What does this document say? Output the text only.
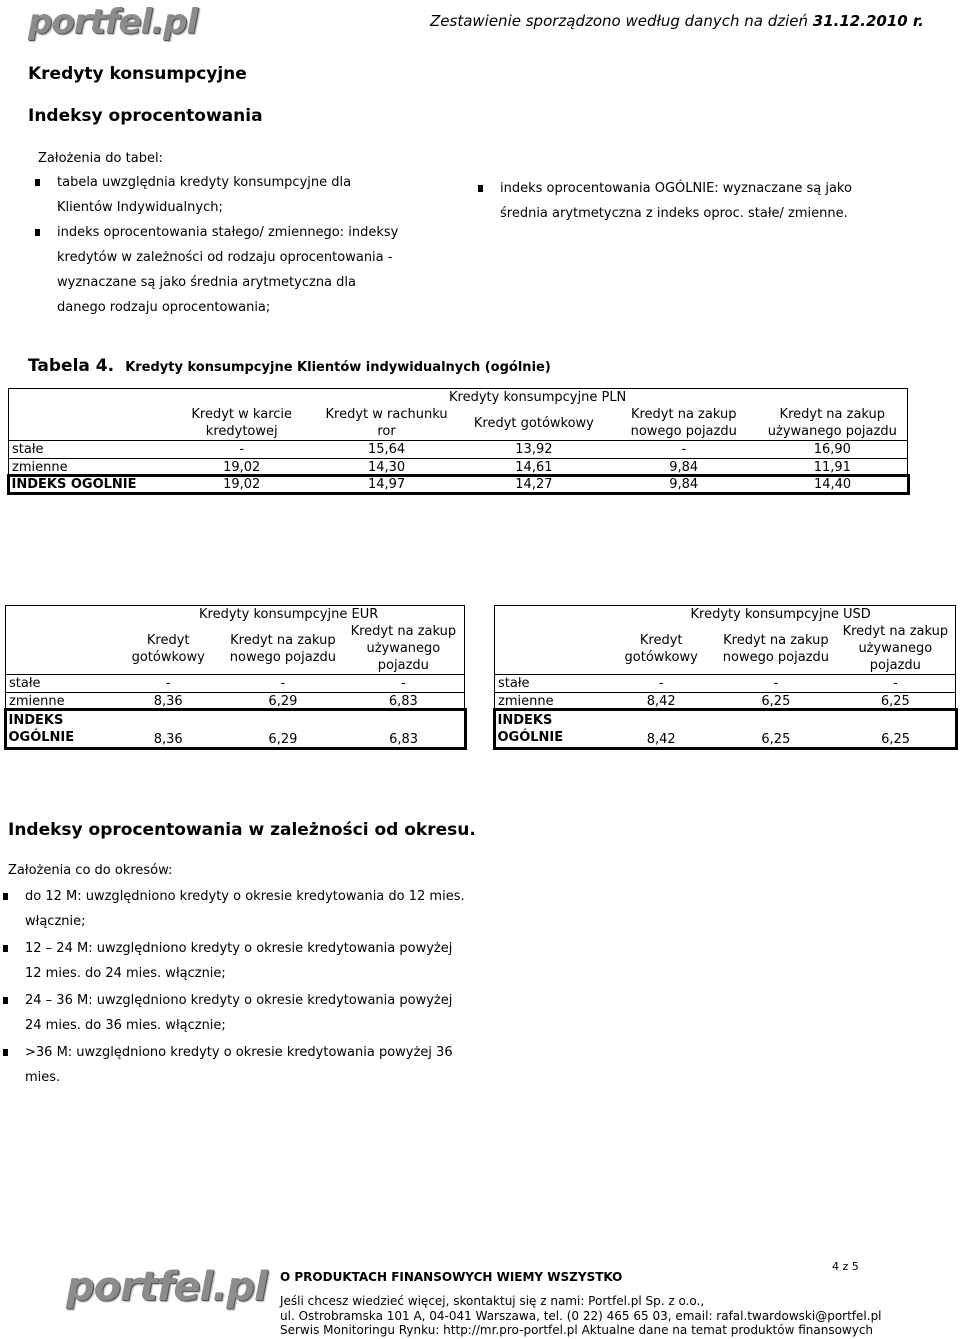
portfel.pl	Zestawienie sporządzono według danych na dzień 31.12.2010 r.
Kredyty konsumpcyjne
Indeksy oprocentowania
Założenia do tabel:
tabela uwzględnia kredyty konsumpcyjne dla Klientów Indywidualnych;
indeks oprocentowania stałego/ zmiennego: indeksy kredytów w zależności od rodzaju oprocentowania - wyznaczane są jako średnia arytmetyczna dla danego rodzaju oprocentowania;
indeks oprocentowania OGÓLNIE: wyznaczane są jako średnia arytmetyczna z indeks oproc. stałe/ zmienne.
Tabela 4. Kredyty konsumpcyjne Klientów indywidualnych (ogólnie)
	Kredyty konsumpcyjne PLN				
	Kredyt w karcie kredytowej	Kredyt w rachunku ror	Kredyt gotówkowy	Kredyt na zakup nowego pojazdu	Kredyt na zakup używanego pojazdu
stałe	-	15,64	13,92	-	16,90
zmienne	19,02	14,30	14,61	9,84	11,91
INDEKS OGÓLNIE	19,02	14,97	14,27	9,84	14,40
	Kredyty konsumpcyjne EUR		
	Kredyt gotówkowy	Kredyt na zakup nowego pojazdu	Kredyt na zakup używanego pojazdu
stałe	-	-	-
zmienne	8,36	6,29	6,83
INDEKS OGÓLNIE	8,36	6,29	6,83
	Kredyty konsumpcyjne USD		
	Kredyt gotówkowy	Kredyt na zakup nowego pojazdu	Kredyt na zakup używanego pojazdu
stałe	-	-	-
zmienne	8,42	6,25	6,25
INDEKS OGÓLNIE	8,42	6,25	6,25
Indeksy oprocentowania w zależności od okresu.
Założenia co do okresów:
do 12 M: uwzględniono kredyty o okresie kredytowania do 12 mies. włącznie;
12 – 24 M: uwzględniono kredyty o okresie kredytowania powyżej 12 mies. do 24 mies. włącznie;
24 – 36 M: uwzględniono kredyty o okresie kredytowania powyżej 24 mies. do 36 mies. włącznie;
>36 M: uwzględniono kredyty o okresie kredytowania powyżej 36 mies.
4 z 5
portfel.pl O PRODUKTACH FINANSOWYCH WIEMY WSZYSTKO
Jeśli chcesz wiedzieć więcej, skontaktuj się z nami: Portfel.pl Sp. z o.o.,
ul. Ostrobramska 101 A, 04-041 Warszawa, tel. (0 22) 465 65 03, email: rafal.twardowski@portfel.pl
Serwis Monitoringu Rynku: http://mr.pro-portfel.pl Aktualne dane na temat produktów finansowych
